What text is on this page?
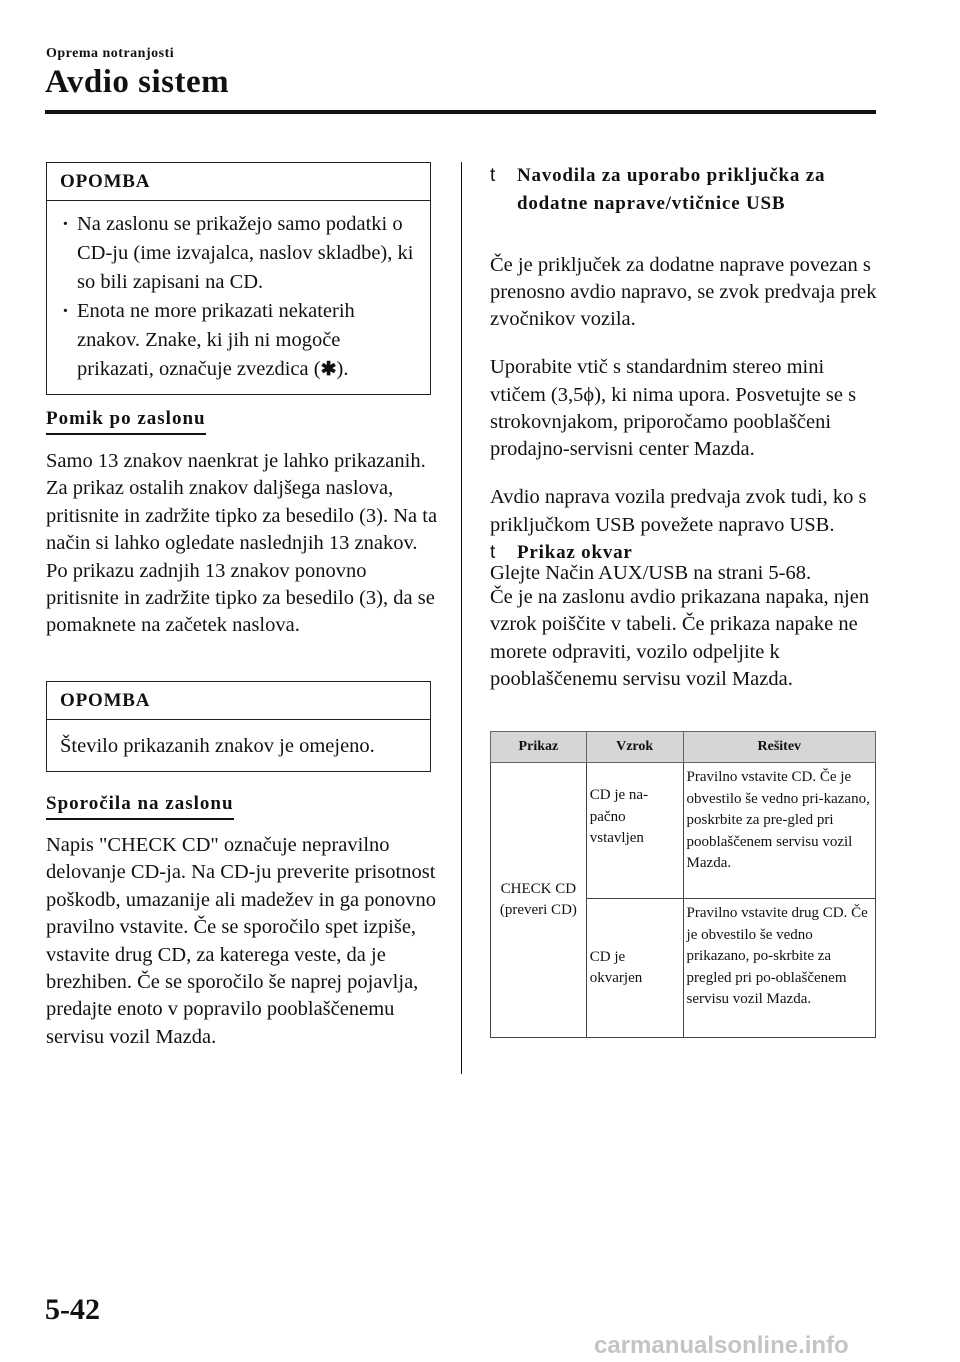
Oprema notranjosti
Avdio sistem
OPOMBA
· Na zaslonu se prikažejo samo podatki o CD-ju (ime izvajalca, naslov skladbe), ki so bili zapisani na CD.
· Enota ne more prikazati nekaterih znakov. Znake, ki jih ni mogoče prikazati, označuje zvezdica (✱).
Pomik po zaslonu
Samo 13 znakov naenkrat je lahko prikazanih. Za prikaz ostalih znakov daljšega naslova, pritisnite in zadržite tipko za besedilo (3). Na ta način si lahko ogledate naslednjih 13 znakov. Po prikazu zadnjih 13 znakov ponovno pritisnite in zadržite tipko za besedilo (3), da se pomaknete na začetek naslova.
OPOMBA
Število prikazanih znakov je omejeno.
Sporočila na zaslonu
Napis "CHECK CD" označuje nepravilno delovanje CD-ja. Na CD-ju preverite prisotnost poškodb, umazanije ali madežev in ga ponovno pravilno vstavite. Če se sporočilo spet izpiše, vstavite drug CD, za katerega veste, da je brezhiben. Če se sporočilo še naprej pojavlja, predajte enoto v popravilo pooblaščenemu servisu vozil Mazda.
t	Navodila za uporabo priključka za dodatne naprave/vtičnice USB

Če je priključek za dodatne naprave povezan s prenosno avdio napravo, se zvok predvaja prek zvočnikov vozila.

Uporabite vtič s standardnim stereo mini vtičem (3,5ϕ), ki nima upora. Posvetujte se s strokovnjakom, priporočamo pooblaščeni prodajno-servisni center Mazda.

Avdio naprava vozila predvaja zvok tudi, ko s priključkom USB povežete napravo USB.

Glejte Način AUX/USB na strani 5-68.

t	Prikaz okvar
Če je na zaslonu avdio prikazana napaka, njen vzrok poiščite v tabeli. Če prikaza napake ne morete odpraviti, vozilo odpeljite k pooblaščenemu servisu vozil Mazda.
Prikaz	Vzrok	Rešitev
CHECK CD (preveri CD)	CD je na-pačno vstavljen	Pravilno vstavite CD. Če je obvestilo še vedno pri-kazano, poskrbite za pre-gled pri pooblaščenem servisu vozil Mazda.
	CD je okvarjen	Pravilno vstavite drug CD. Če je obvestilo še vedno prikazano, po-skrbite za pregled pri po-oblaščenem servisu vozil Mazda.
5-42
carmanualsonline.info
